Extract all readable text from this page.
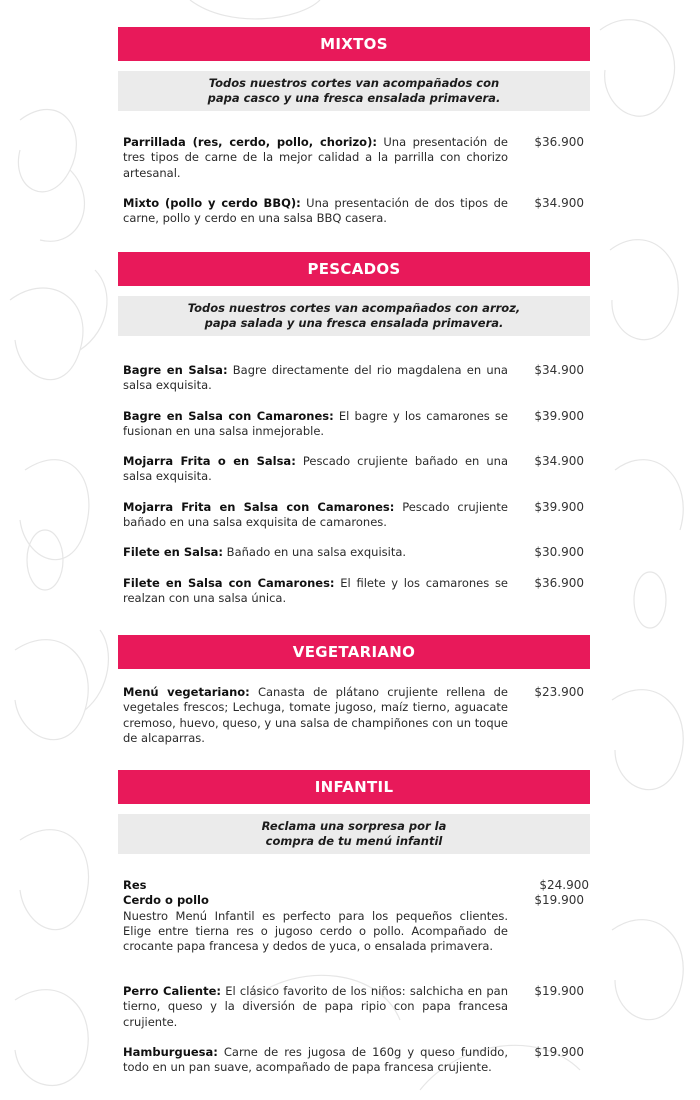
MIXTOS
Todos nuestros cortes van acompañados con
papa casco y una fresca ensalada primavera.
Parrillada (res, cerdo, pollo, chorizo): Una presentación de tres tipos de carne de la mejor calidad a la parrilla con chorizo artesanal.
$36.900
Mixto (pollo y cerdo BBQ): Una presentación de dos tipos de carne, pollo y cerdo en una salsa BBQ casera.
$34.900
PESCADOS
Todos nuestros cortes van acompañados con arroz,
papa salada y una fresca ensalada primavera.
Bagre en Salsa: Bagre directamente del rio magdalena en una salsa exquisita.
$34.900
Bagre en Salsa con Camarones: El bagre y los camarones se fusionan en una salsa inmejorable.
$39.900
Mojarra Frita o en Salsa: Pescado crujiente bañado en una salsa exquisita.
$34.900
Mojarra Frita en Salsa con Camarones: Pescado crujiente bañado en una salsa exquisita de camarones.
$39.900
Filete en Salsa: Bañado en una salsa exquisita.	$30.900
Filete en Salsa con Camarones: El filete y los camarones se realzan con una salsa única.
$36.900
VEGETARIANO
Menú vegetariano: Canasta de plátano crujiente rellena de vegetales frescos; Lechuga, tomate jugoso, maíz tierno, aguacate cremoso, huevo, queso, y una salsa de champiñones con un toque de alcaparras.
$23.900
INFANTIL
Reclama una sorpresa por la
compra de tu menú infantil
Res
Cerdo o pollo
Nuestro Menú Infantil es perfecto para los pequeños clientes. Elige entre tierna res o jugoso cerdo o pollo. Acompañado de crocante papa francesa y dedos de yuca, o ensalada primavera.
$24.900
$19.900
Perro Caliente: El clásico favorito de los niños: salchicha en pan tierno, queso y la diversión de papa ripio con papa francesa crujiente.
$19.900
Hamburguesa: Carne de res jugosa de 160g y queso fundido, todo en un pan suave, acompañado de papa francesa crujiente.
$19.900
